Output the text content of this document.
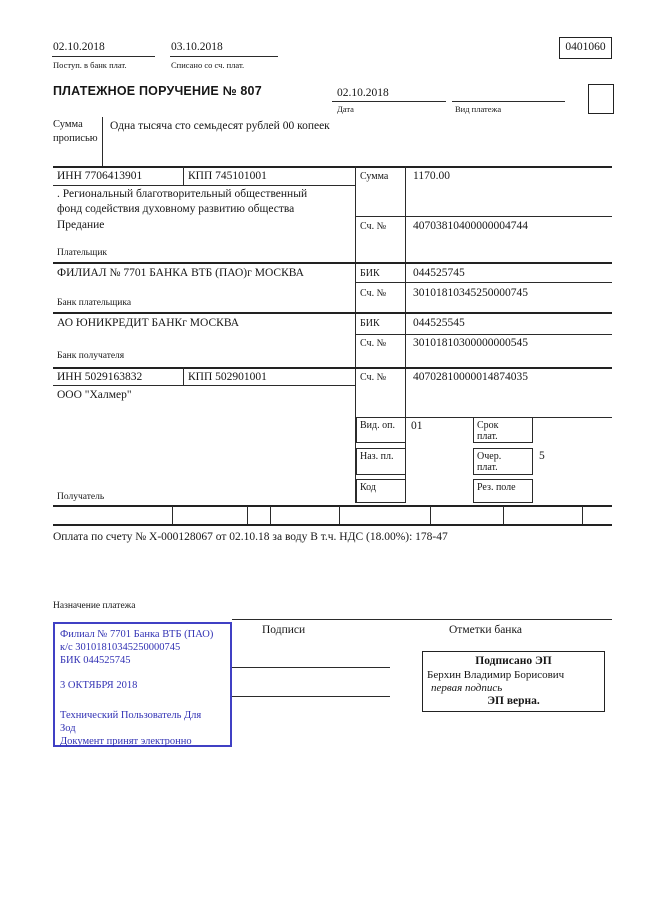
02.10.2018
Поступ. в банк плат.
03.10.2018
Списано со сч. плат.
0401060
ПЛАТЕЖНОЕ ПОРУЧЕНИЕ № 807	02.10.2018
Дата	Вид платежа
Сумма
прописью
Одна тысяча сто семьдесят рублей 00 копеек
ИНН 7706413901	КПП 745101001	Сумма 1170.00
. Региональный благотворительный общественный
фонд содействия духовному развитию общества
Предание	Сч. № 40703810400000004744
Плательщик
ФИЛИАЛ № 7701 БАНКА ВТБ (ПАО)г МОСКВА	БИК	044525745
Сч. № 30101810345250000745
Банк плательщика
АО ЮНИКРЕДИТ БАНКг МОСКВА	БИК	044525545
Сч. № 30101810300000000545
Банк получателя
ИНН 5029163832	КПП 502901001	Сч. № 40702810000014874035
ООО "Халмер"
Получатель
Вид. оп.	01	Срок
плат.
Наз. пл.	Очер.
плат.
5
Код	Рез. поле
Оплата по счету № Х-000128067 от 02.10.18 за воду В т.ч. НДС (18.00%): 178-47
Назначение платежа
Подписи	Отметки банка
Филиал № 7701 Банка ВТБ (ПАО)
к/с 30101810345250000745
БИК 044525745
3 ОКТЯБРЯ 2018
Технический Пользователь Для
Зод
Документ принят электронно
Подписано ЭП
Берхин Владимир Борисович
первая подпись
ЭП верна.
